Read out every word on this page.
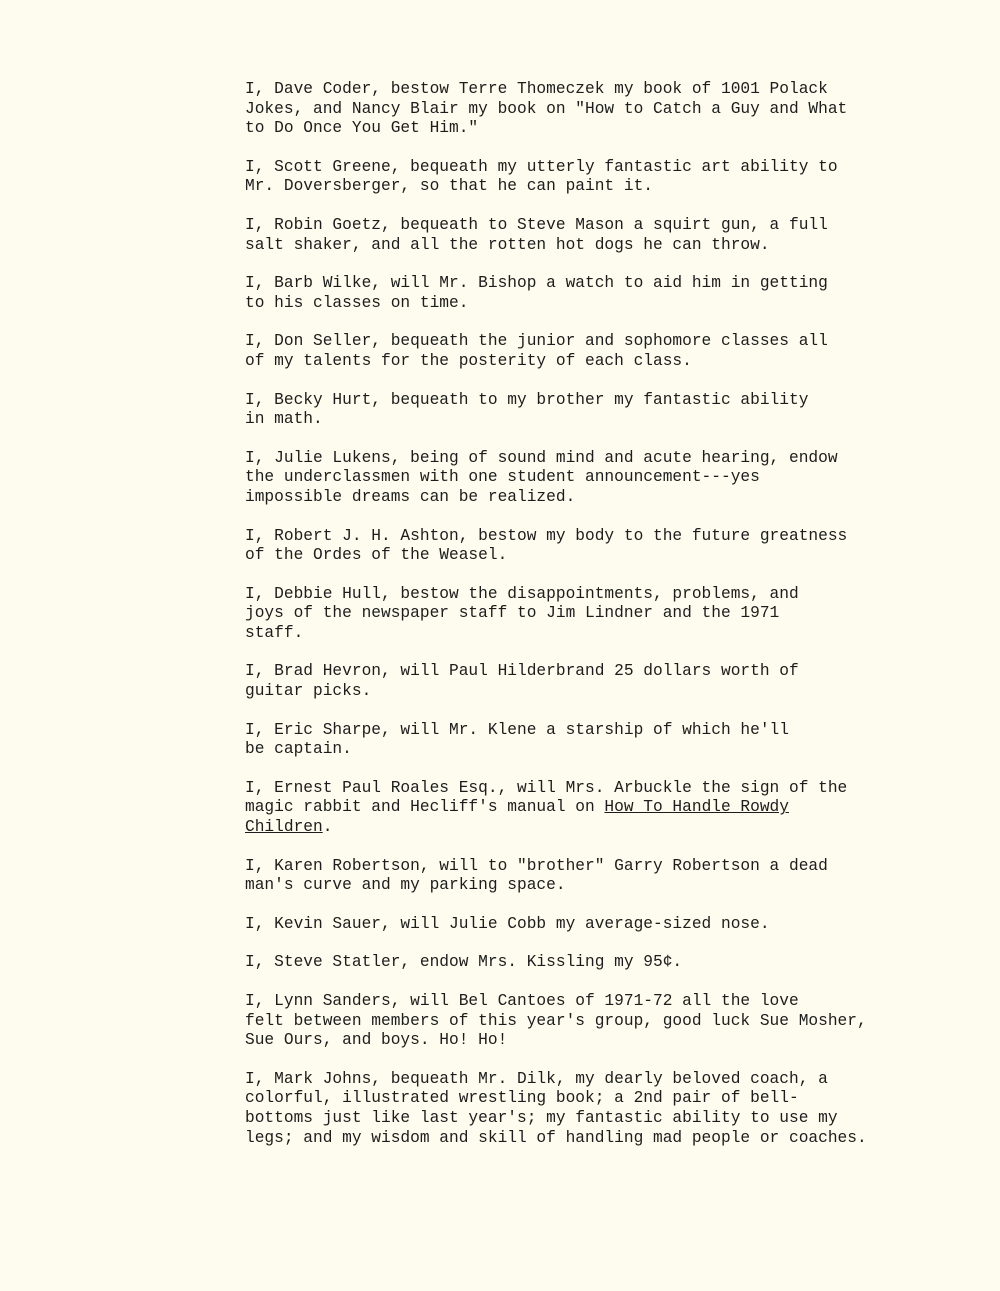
I, Dave Coder, bestow Terre Thomeczek my book of 1001 Polack
Jokes, and Nancy Blair my book on "How to Catch a Guy and What
to Do Once You Get Him."

I, Scott Greene, bequeath my utterly fantastic art ability to
Mr. Doversberger, so that he can paint it.

I, Robin Goetz, bequeath to Steve Mason a squirt gun, a full
salt shaker, and all the rotten hot dogs he can throw.

I, Barb Wilke, will Mr. Bishop a watch to aid him in getting
to his classes on time.

I, Don Seller, bequeath the junior and sophomore classes all
of my talents for the posterity of each class.

I, Becky Hurt, bequeath to my brother my fantastic ability
in math.

I, Julie Lukens, being of sound mind and acute hearing, endow
the underclassmen with one student announcement---yes
impossible dreams can be realized.

I, Robert J. H. Ashton, bestow my body to the future greatness
of the Ordes of the Weasel.

I, Debbie Hull, bestow the disappointments, problems, and
joys of the newspaper staff to Jim Lindner and the 1971
staff.

I, Brad Hevron, will Paul Hilderbrand 25 dollars worth of
guitar picks.

I, Eric Sharpe, will Mr. Klene a starship of which he'll
be captain.

I, Ernest Paul Roales Esq., will Mrs. Arbuckle the sign of the
magic rabbit and Hecliff's manual on How To Handle Rowdy
Children.

I, Karen Robertson, will to "brother" Garry Robertson a dead
man's curve and my parking space.

I, Kevin Sauer, will Julie Cobb my average-sized nose.

I, Steve Statler, endow Mrs. Kissling my 95¢.

I, Lynn Sanders, will Bel Cantoes of 1971-72 all the love
felt between members of this year's group, good luck Sue Mosher,
Sue Ours, and boys. Ho! Ho!

I, Mark Johns, bequeath Mr. Dilk, my dearly beloved coach, a
colorful, illustrated wrestling book; a 2nd pair of bell-
bottoms just like last year's; my fantastic ability to use my
legs; and my wisdom and skill of handling mad people or coaches.
